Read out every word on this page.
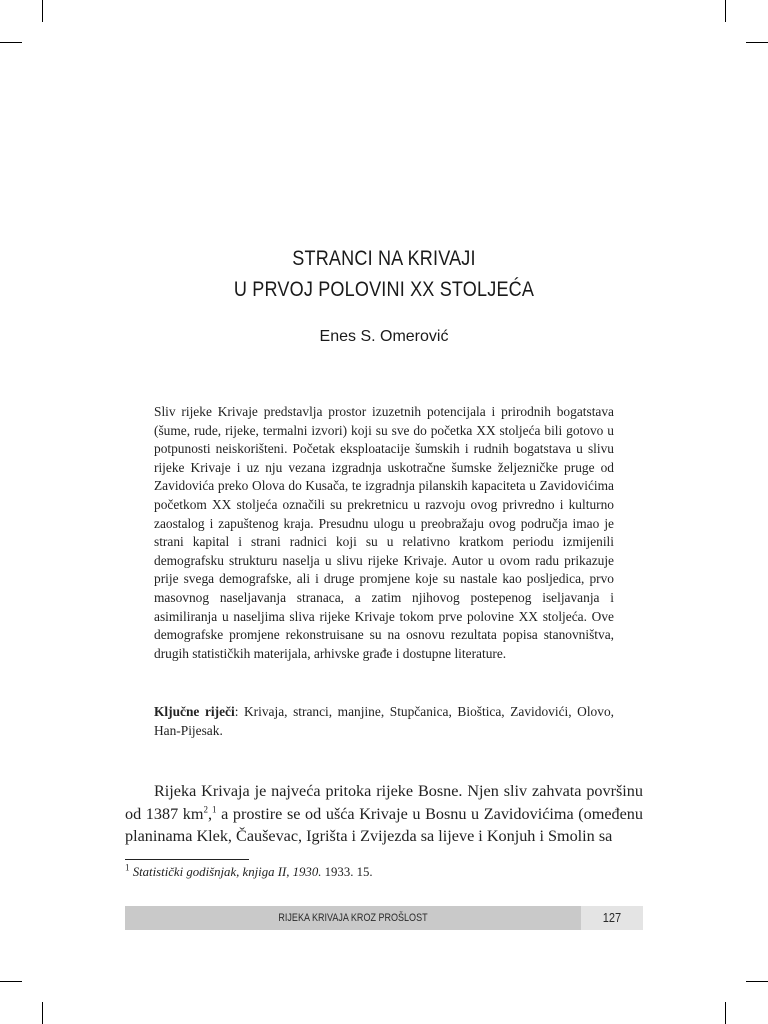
STRANCI NA KRIVAJI
U PRVOJ POLOVINI XX STOLJEĆA
Enes S. Omerović
Sliv rijeke Krivaje predstavlja prostor izuzetnih potencijala i prirodnih bogatstava (šume, rude, rijeke, termalni izvori) koji su sve do početka XX stoljeća bili gotovo u potpunosti neiskorišteni. Početak eksploatacije šumskih i rudnih bogatstava u slivu rijeke Krivaje i uz nju vezana izgradnja uskotračne šumske željezničke pruge od Zavidovića preko Olova do Kusača, te izgradnja pilanskih kapaciteta u Zavidovićima početkom XX stoljeća označili su prekretnicu u razvoju ovog privredno i kulturno zaostalog i zapuštenog kraja. Presudnu ulogu u preobražaju ovog područja imao je strani kapital i strani radnici koji su u relativno kratkom periodu izmijenili demografsku strukturu naselja u slivu rijeke Krivaje. Autor u ovom radu prikazuje prije svega demografske, ali i druge promjene koje su nastale kao posljedica, prvo masovnog naseljavanja stranaca, a zatim njihovog postepenog iseljavanja i asimiliranja u naseljima sliva rijeke Krivaje tokom prve polovine XX stoljeća. Ove demografske promjene rekonstruisane su na osnovu rezultata popisa stanovništva, drugih statističkih materijala, arhivske građe i dostupne literature.
Ključne riječi: Krivaja, stranci, manjine, Stupčanica, Bioštica, Zavidovići, Olovo, Han-Pijesak.
Rijeka Krivaja je najveća pritoka rijeke Bosne. Njen sliv zahvata površinu od 1387 $km^2,^1$ a prostire se od ušća Krivaje u Bosnu u Zavidovićima (omeđenu planinama Klek, Čauševac, Igrišta i Zvijezda sa lijeve i Konjuh i Smolin sa
$^1$ Statistički godišnjak, knjiga II, 1930. 1933. 15.
RIJEKA KRIVAJA KROZ PROŠLOST	127
